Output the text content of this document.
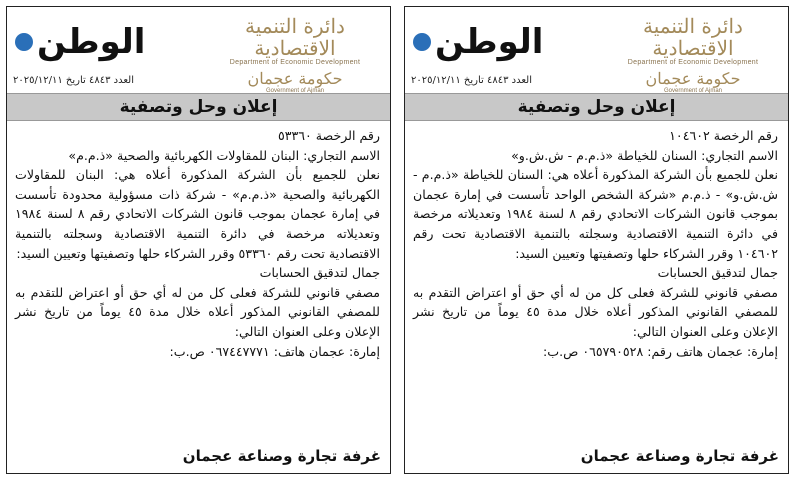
الوطن	دائرة التنمية الاقتصادية
Department of Economic Development
حكومة عجمان
Government of Ajman
العدد ٤٨٤٣ تاريخ ٢٠٢٥/١٢/١١
إعلان وحل وتصفية

رقم الرخصة ٥٣٣٦٠

الاسم التجاري: البنان للمقاولات الكهربائية والصحية «ذ.م.م»

نعلن للجميع بأن الشركة المذكورة أعلاه هي: البنان للمقاولات الكهربائية والصحية «ذ.م.م» - شركة ذات مسؤولية محدودة تأسست في إمارة عجمان بموجب قانون الشركات الاتحادي رقم ٨ لسنة ١٩٨٤ وتعديلاته مرخصة في دائرة التنمية الاقتصادية وسجلته بالتنمية الاقتصادية تحت رقم ٥٣٣٦٠ وقرر الشركاء حلها وتصفيتها وتعيين السيد:

جمال لتدقيق الحسابات

مصفي قانوني للشركة فعلى كل من له أي حق أو اعتراض للتقدم به للمصفي القانوني المذكور أعلاه خلال مدة ٤٥ يوماً من تاريخ نشر الإعلان وعلى العنوان التالي:

إمارة: عجمان هاتف: ٠٦٧٤٤٧٧٧١ ص.ب:

غرفة تجارة وصناعة عجمان
الوطن	دائرة التنمية الاقتصادية
Department of Economic Development
حكومة عجمان
Government of Ajman
العدد ٤٨٤٣ تاريخ ٢٠٢٥/١٢/١١
إعلان وحل وتصفية

رقم الرخصة ١٠٤٦٠٢

الاسم التجاري: السنان للخياطة «ذ.م.م - ش.ش.و»

نعلن للجميع بأن الشركة المذكورة أعلاه هي: السنان للخياطة «ذ.م.م - ش.ش.و» - ذ.م.م «شركة الشخص الواحد تأسست في إمارة عجمان بموجب قانون الشركات الاتحادي رقم ٨ لسنة ١٩٨٤ وتعديلاته مرخصة في دائرة التنمية الاقتصادية وسجلته بالتنمية الاقتصادية تحت رقم ١٠٤٦٠٢ وقرر الشركاء حلها وتصفيتها وتعيين السيد:

جمال لتدقيق الحسابات

مصفي قانوني للشركة فعلى كل من له أي حق أو اعتراض التقدم به للمصفي القانوني المذكور أعلاه خلال مدة ٤٥ يوماً من تاريخ نشر الإعلان وعلى العنوان التالي:

إمارة: عجمان هاتف رقم: ٠٦٥٧٩٠٥٢٨ ص.ب:

غرفة تجارة وصناعة عجمان
